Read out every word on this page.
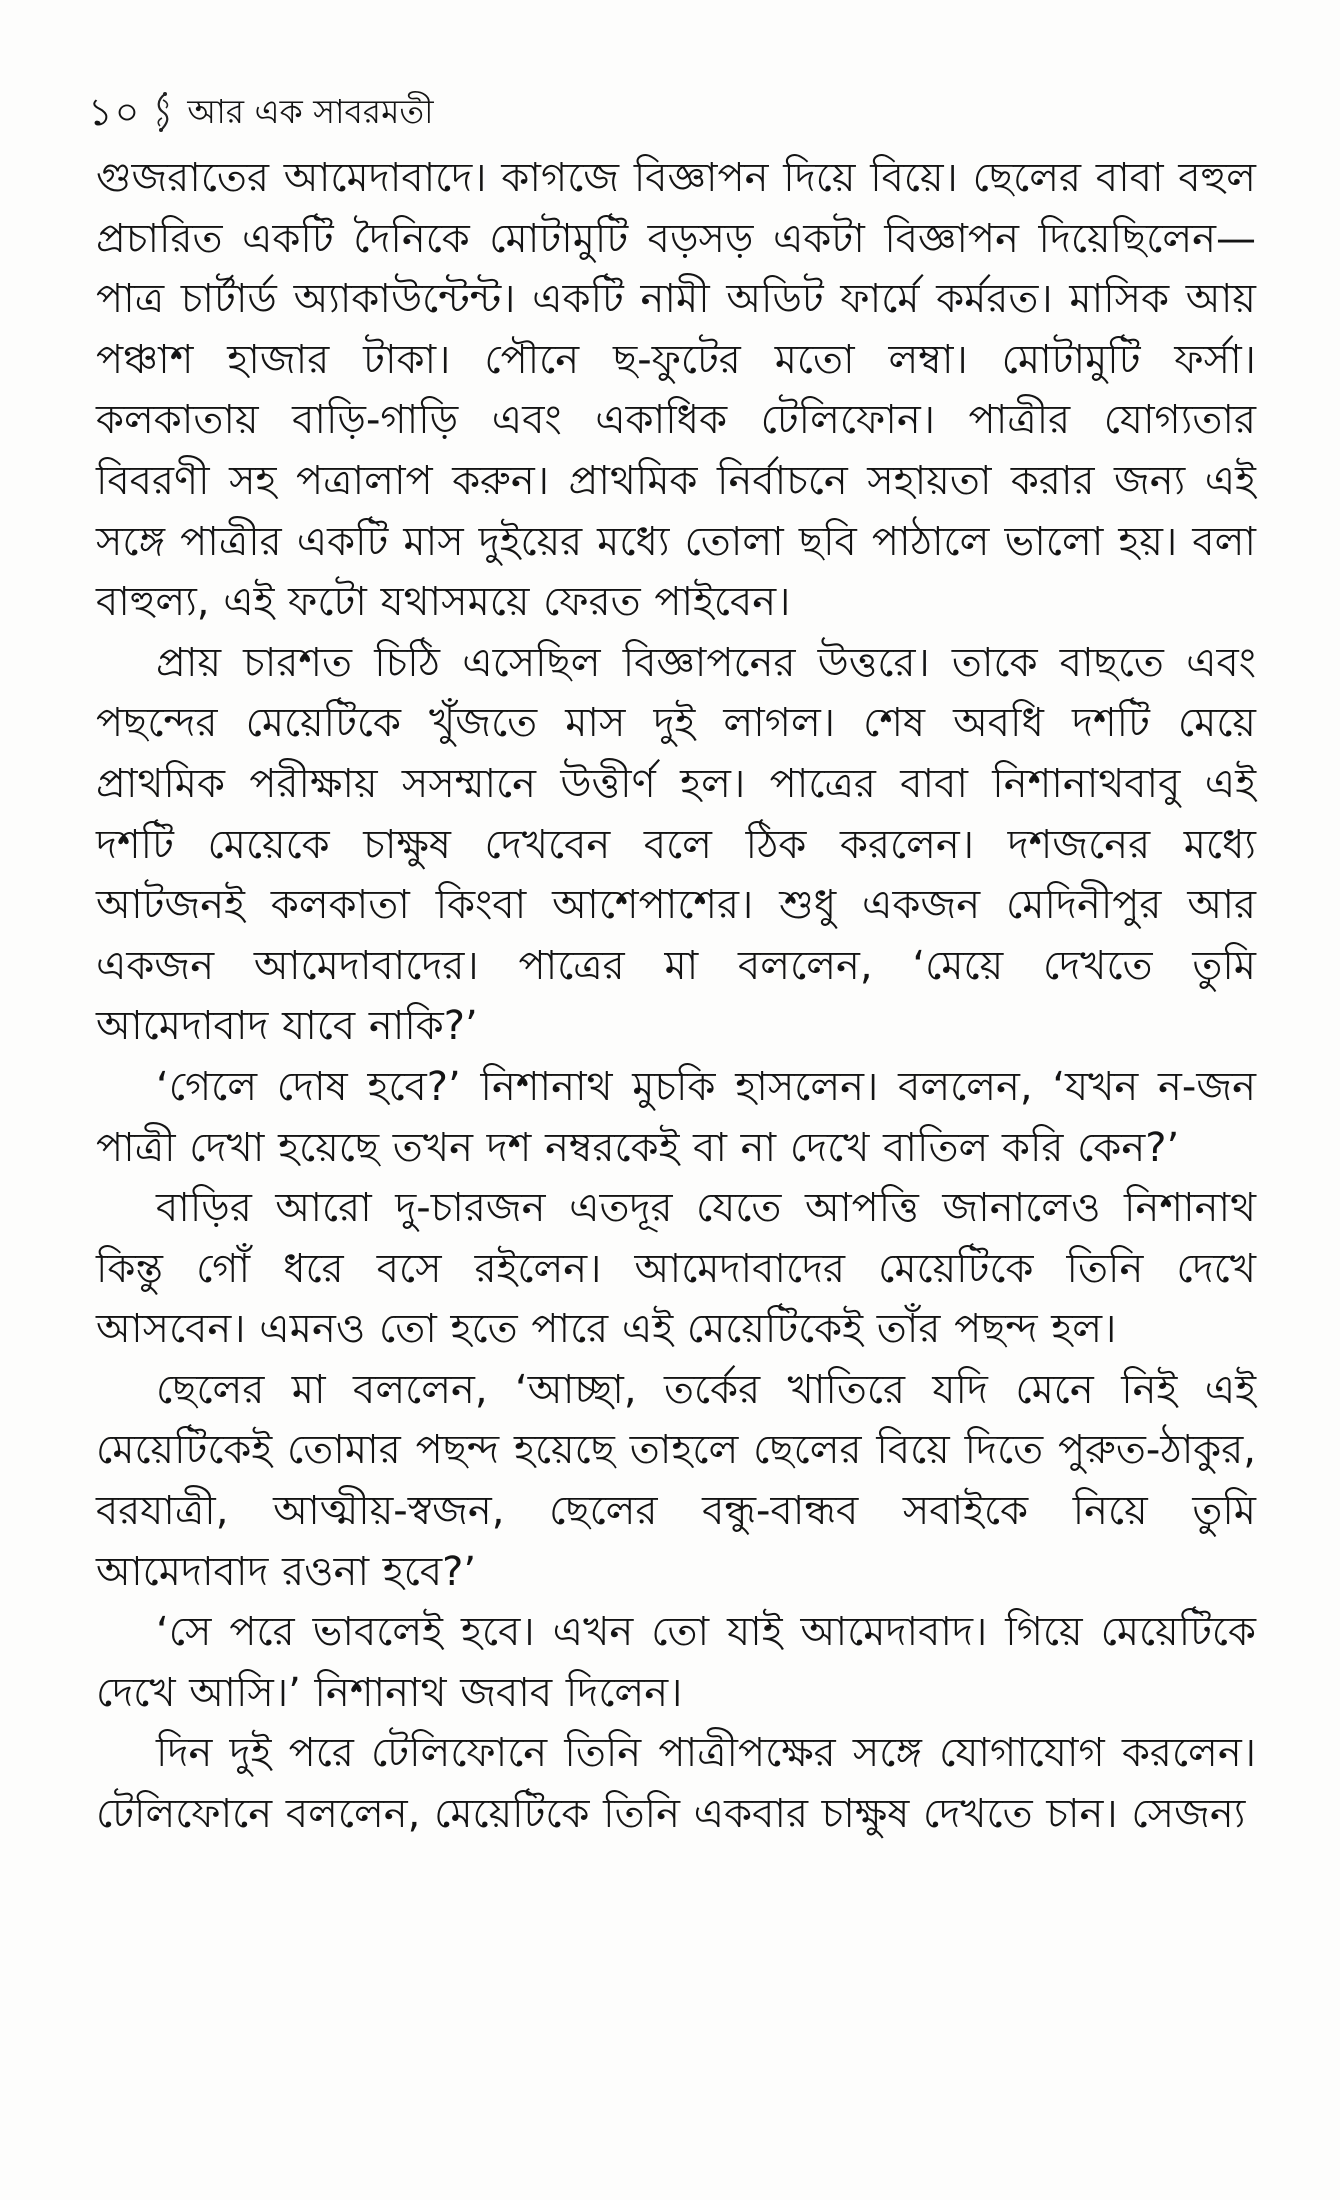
১০ আর এক সাবরমতী

গুজরাতের আমেদাবাদে। কাগজে বিজ্ঞাপন দিয়ে বিয়ে। ছেলের বাবা বহুল প্রচারিত একটি দৈনিকে মোটামুটি বড়সড় একটা বিজ্ঞাপন দিয়েছিলেন—পাত্র চার্টার্ড অ্যাকাউন্টেন্ট। একটি নামী অডিট ফার্মে কর্মরত। মাসিক আয় পঞ্চাশ হাজার টাকা। পৌনে ছ-ফুটের মতো লম্বা। মোটামুটি ফর্সা। কলকাতায় বাড়ি-গাড়ি এবং একাধিক টেলিফোন। পাত্রীর যোগ্যতার বিবরণী সহ পত্রালাপ করুন। প্রাথমিক নির্বাচনে সহায়তা করার জন্য এই সঙ্গে পাত্রীর একটি মাস দুইয়ের মধ্যে তোলা ছবি পাঠালে ভালো হয়। বলা বাহুল্য, এই ফটো যথাসময়ে ফেরত পাইবেন।

প্রায় চারশত চিঠি এসেছিল বিজ্ঞাপনের উত্তরে। তাকে বাছতে এবং পছন্দের মেয়েটিকে খুঁজতে মাস দুই লাগল। শেষ অবধি দশটি মেয়ে প্রাথমিক পরীক্ষায় সসম্মানে উত্তীর্ণ হল। পাত্রের বাবা নিশানাথবাবু এই দশটি মেয়েকে চাক্ষুষ দেখবেন বলে ঠিক করলেন। দশজনের মধ্যে আটজনই কলকাতা কিংবা আশেপাশের। শুধু একজন মেদিনীপুর আর একজন আমেদাবাদের। পাত্রের মা বললেন, ‘মেয়ে দেখতে তুমি আমেদাবাদ যাবে নাকি?’

‘গেলে দোষ হবে?’ নিশানাথ মুচকি হাসলেন। বললেন, ‘যখন ন-জন পাত্রী দেখা হয়েছে তখন দশ নম্বরকেই বা না দেখে বাতিল করি কেন?’

বাড়ির আরো দু-চারজন এতদূর যেতে আপত্তি জানালেও নিশানাথ কিন্তু গোঁ ধরে বসে রইলেন। আমেদাবাদের মেয়েটিকে তিনি দেখে আসবেন। এমনও তো হতে পারে এই মেয়েটিকেই তাঁর পছন্দ হল।

ছেলের মা বললেন, ‘আচ্ছা, তর্কের খাতিরে যদি মেনে নিই এই মেয়েটিকেই তোমার পছন্দ হয়েছে তাহলে ছেলের বিয়ে দিতে পুরুত-ঠাকুর, বরযাত্রী, আত্মীয়-স্বজন, ছেলের বন্ধু-বান্ধব সবাইকে নিয়ে তুমি আমেদাবাদ রওনা হবে?’

‘সে পরে ভাবলেই হবে। এখন তো যাই আমেদাবাদ। গিয়ে মেয়েটিকে দেখে আসি।’ নিশানাথ জবাব দিলেন।

দিন দুই পরে টেলিফোনে তিনি পাত্রীপক্ষের সঙ্গে যোগাযোগ করলেন। টেলিফোনে বললেন, মেয়েটিকে তিনি একবার চাক্ষুষ দেখতে চান। সেজন্য
